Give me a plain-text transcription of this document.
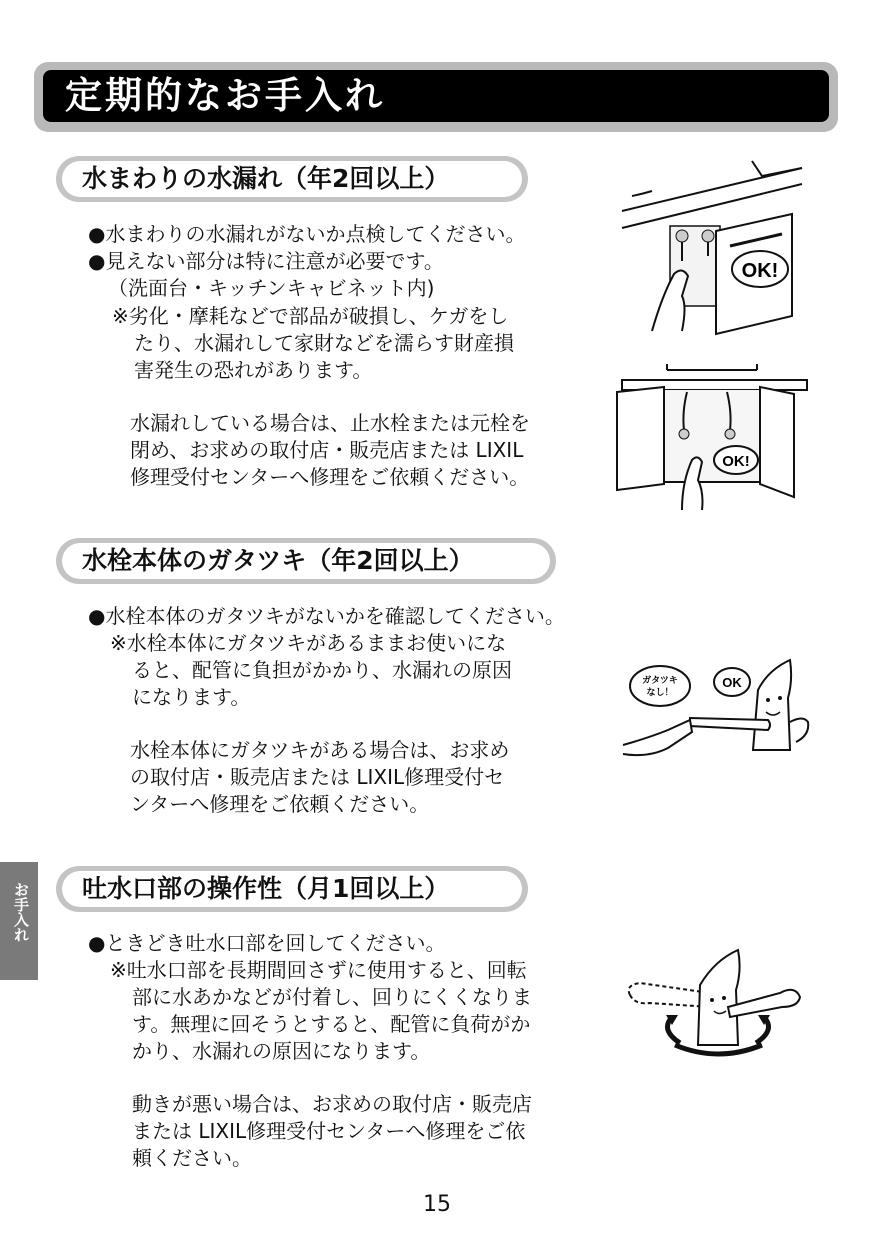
定期的なお手入れ
水まわりの水漏れ（年2回以上）
●水まわりの水漏れがないか点検してください。
●見えない部分は特に注意が必要です。
（洗面台・キッチンキャビネット内)
※劣化・摩耗などで部品が破損し、ケガをし
たり、水漏れして家財などを濡らす財産損
害発生の恐れがあります。
水漏れしている場合は、止水栓または元栓を
閉め、お求めの取付店・販売店または LIXIL
修理受付センターへ修理をご依頼ください。
OK!
OK!
水栓本体のガタツキ（年2回以上）
●水栓本体のガタツキがないかを確認してください。
※水栓本体にガタツキがあるままお使いにな
ると、配管に負担がかかり、水漏れの原因
になります。
水栓本体にガタツキがある場合は、お求め
の取付店・販売店または LIXIL修理受付セ
ンターへ修理をご依頼ください。
ガタツキ
なし！
OK
吐水口部の操作性（月1回以上）
●ときどき吐水口部を回してください。
※吐水口部を長期間回さずに使用すると、回転
部に水あかなどが付着し、回りにくくなりま
す。無理に回そうとすると、配管に負荷がか
かり、水漏れの原因になります。
動きが悪い場合は、お求めの取付店・販売店
または LIXIL修理受付センターへ修理をご依
頼ください。
お手入れ
15
